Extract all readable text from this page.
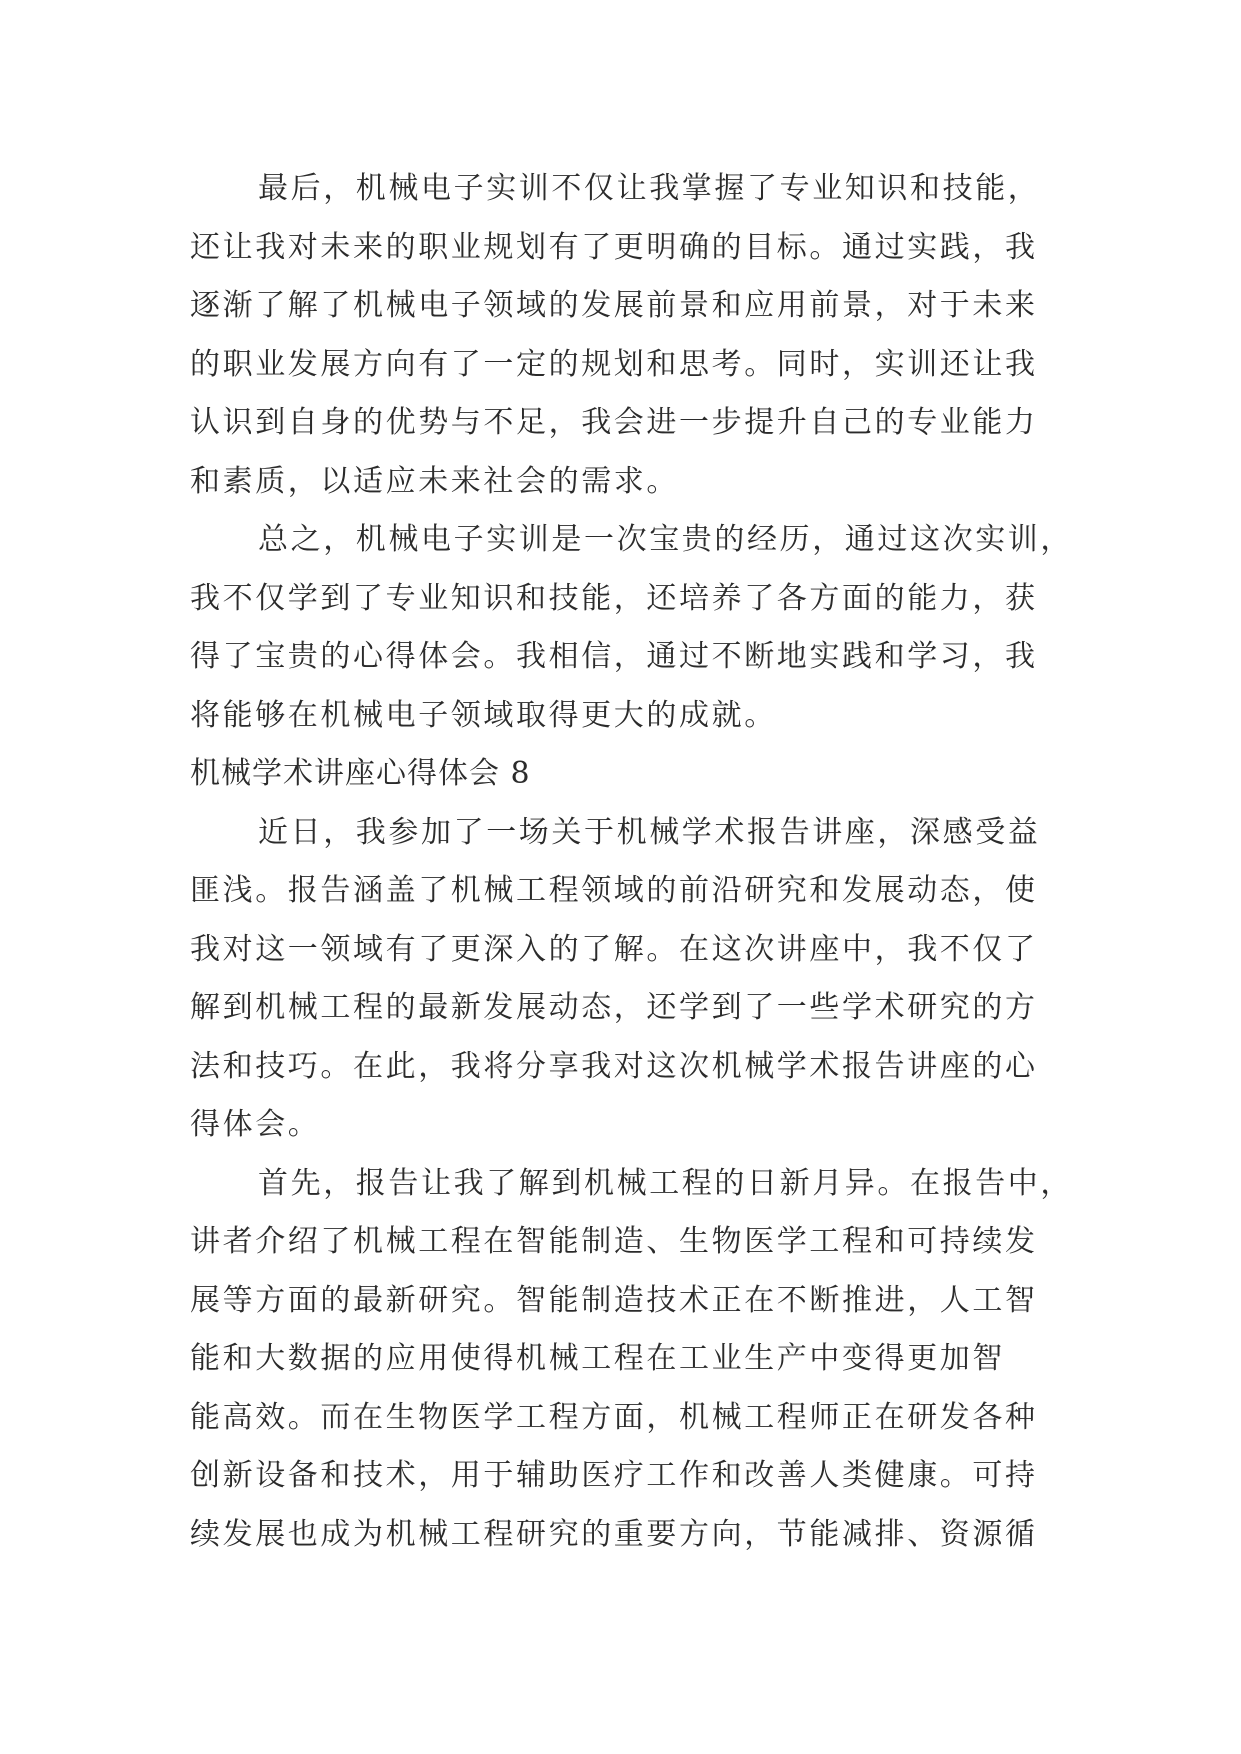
最后，机械电子实训不仅让我掌握了专业知识和技能，
还让我对未来的职业规划有了更明确的目标。通过实践，我
逐渐了解了机械电子领域的发展前景和应用前景，对于未来
的职业发展方向有了一定的规划和思考。同时，实训还让我
认识到自身的优势与不足，我会进一步提升自己的专业能力
和素质，以适应未来社会的需求。
总之，机械电子实训是一次宝贵的经历，通过这次实训，
我不仅学到了专业知识和技能，还培养了各方面的能力，获
得了宝贵的心得体会。我相信，通过不断地实践和学习，我
将能够在机械电子领域取得更大的成就。
机械学术讲座心得体会 8
近日，我参加了一场关于机械学术报告讲座，深感受益
匪浅。报告涵盖了机械工程领域的前沿研究和发展动态，使
我对这一领域有了更深入的了解。在这次讲座中，我不仅了
解到机械工程的最新发展动态，还学到了一些学术研究的方
法和技巧。在此，我将分享我对这次机械学术报告讲座的心
得体会。
首先，报告让我了解到机械工程的日新月异。在报告中，
讲者介绍了机械工程在智能制造、生物医学工程和可持续发
展等方面的最新研究。智能制造技术正在不断推进，人工智
能和大数据的应用使得机械工程在工业生产中变得更加智
能高效。而在生物医学工程方面，机械工程师正在研发各种
创新设备和技术，用于辅助医疗工作和改善人类健康。可持
续发展也成为机械工程研究的重要方向，节能减排、资源循
